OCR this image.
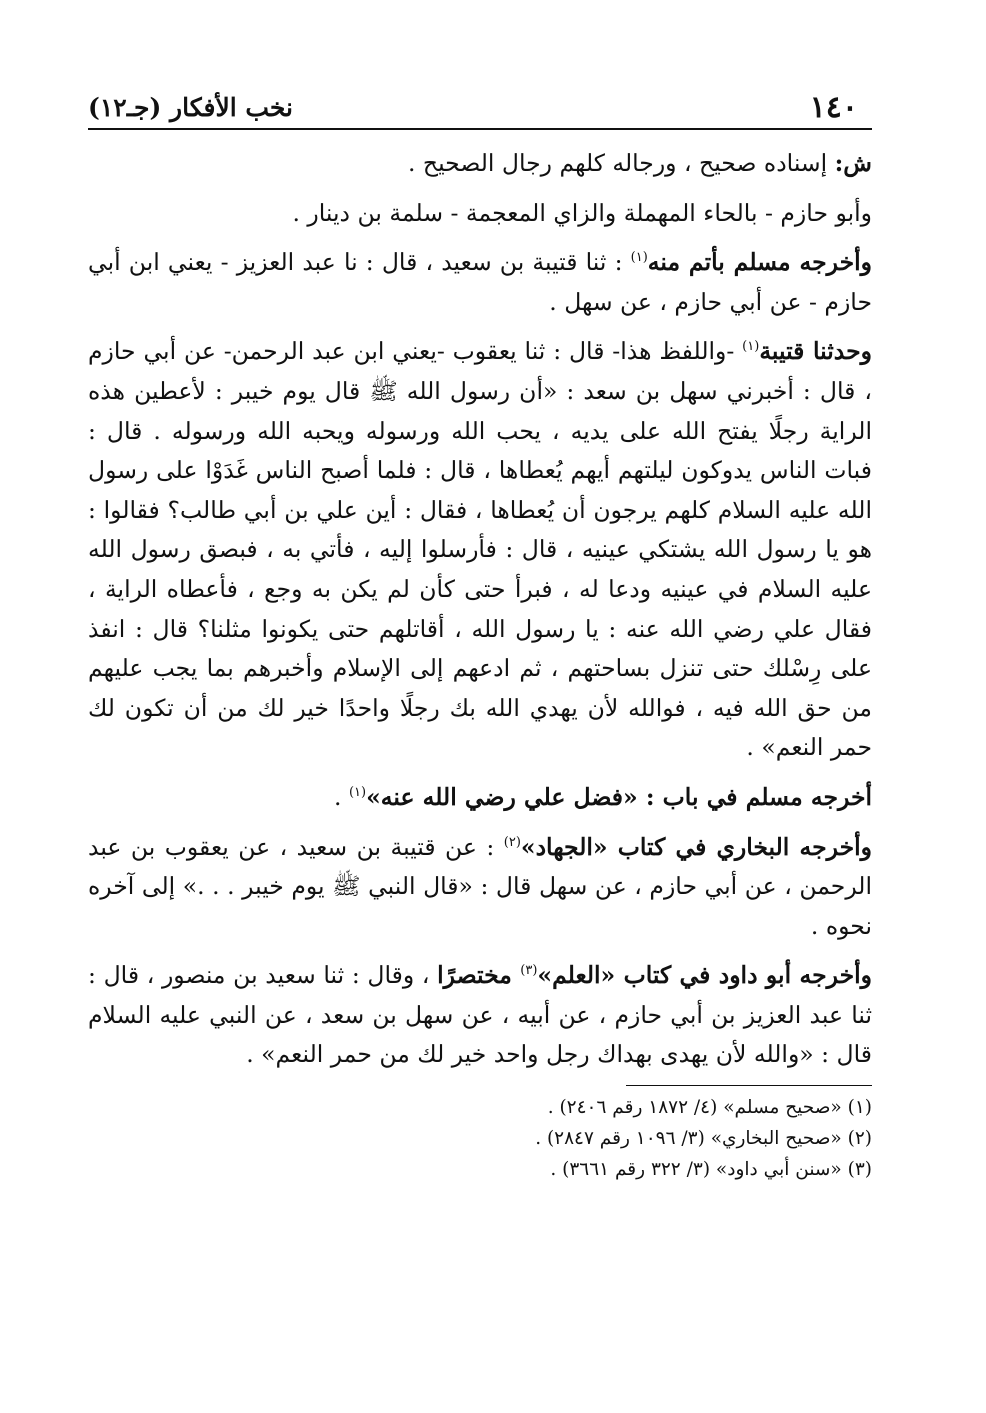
١٤٠
نخب الأفكار (جـ١٢)

ش: إسناده صحيح ، ورجاله كلهم رجال الصحيح .

وأبو حازم - بالحاء المهملة والزاي المعجمة - سلمة بن دينار .

وأخرجه مسلم بأتم منه$^{(١)}$ : ثنا قتيبة بن سعيد ، قال : نا عبد العزيز - يعني ابن أبي حازم - عن أبي حازم ، عن سهل .

وحدثنا قتيبة$^{(١)}$ -واللفظ هذا- قال : ثنا يعقوب -يعني ابن عبد الرحمن- عن أبي حازم ، قال : أخبرني سهل بن سعد : «أن رسول الله ﷺ قال يوم خيبر : لأعطين هذه الراية رجلًا يفتح الله على يديه ، يحب الله ورسوله ويحبه الله ورسوله . قال : فبات الناس يدوكون ليلتهم أيهم يُعطاها ، قال : فلما أصبح الناس غَدَوْا على رسول الله عليه السلام كلهم يرجون أن يُعطاها ، فقال : أين علي بن أبي طالب؟ فقالوا : هو يا رسول الله يشتكي عينيه ، قال : فأرسلوا إليه ، فأتي به ، فبصق رسول الله عليه السلام في عينيه ودعا له ، فبرأ حتى كأن لم يكن به وجع ، فأعطاه الراية ، فقال علي رضي الله عنه : يا رسول الله ، أقاتلهم حتى يكونوا مثلنا؟ قال : انفذ على رِسْلك حتى تنزل بساحتهم ، ثم ادعهم إلى الإسلام وأخبرهم بما يجب عليهم من حق الله فيه ، فوالله لأن يهدي الله بك رجلًا واحدًا خير لك من أن تكون لك حمر النعم» .

أخرجه مسلم في باب : «فضل علي رضي الله عنه»$^{(١)}$ .

وأخرجه البخاري في كتاب «الجهاد»$^{(٢)}$ : عن قتيبة بن سعيد ، عن يعقوب بن عبد الرحمن ، عن أبي حازم ، عن سهل قال : «قال النبي ﷺ يوم خيبر . . .» إلى آخره نحوه .

وأخرجه أبو داود في كتاب «العلم»$^{(٣)}$ مختصرًا ، وقال : ثنا سعيد بن منصور ، قال : ثنا عبد العزيز بن أبي حازم ، عن أبيه ، عن سهل بن سعد ، عن النبي عليه السلام قال : «والله لأن يهدى بهداك رجل واحد خير لك من حمر النعم» .

(١) «صحيح مسلم» (٤/ ١٨٧٢ رقم ٢٤٠٦) .
(٢) «صحيح البخاري» (٣/ ١٠٩٦ رقم ٢٨٤٧) .
(٣) «سنن أبي داود» (٣/ ٣٢٢ رقم ٣٦٦١) .
